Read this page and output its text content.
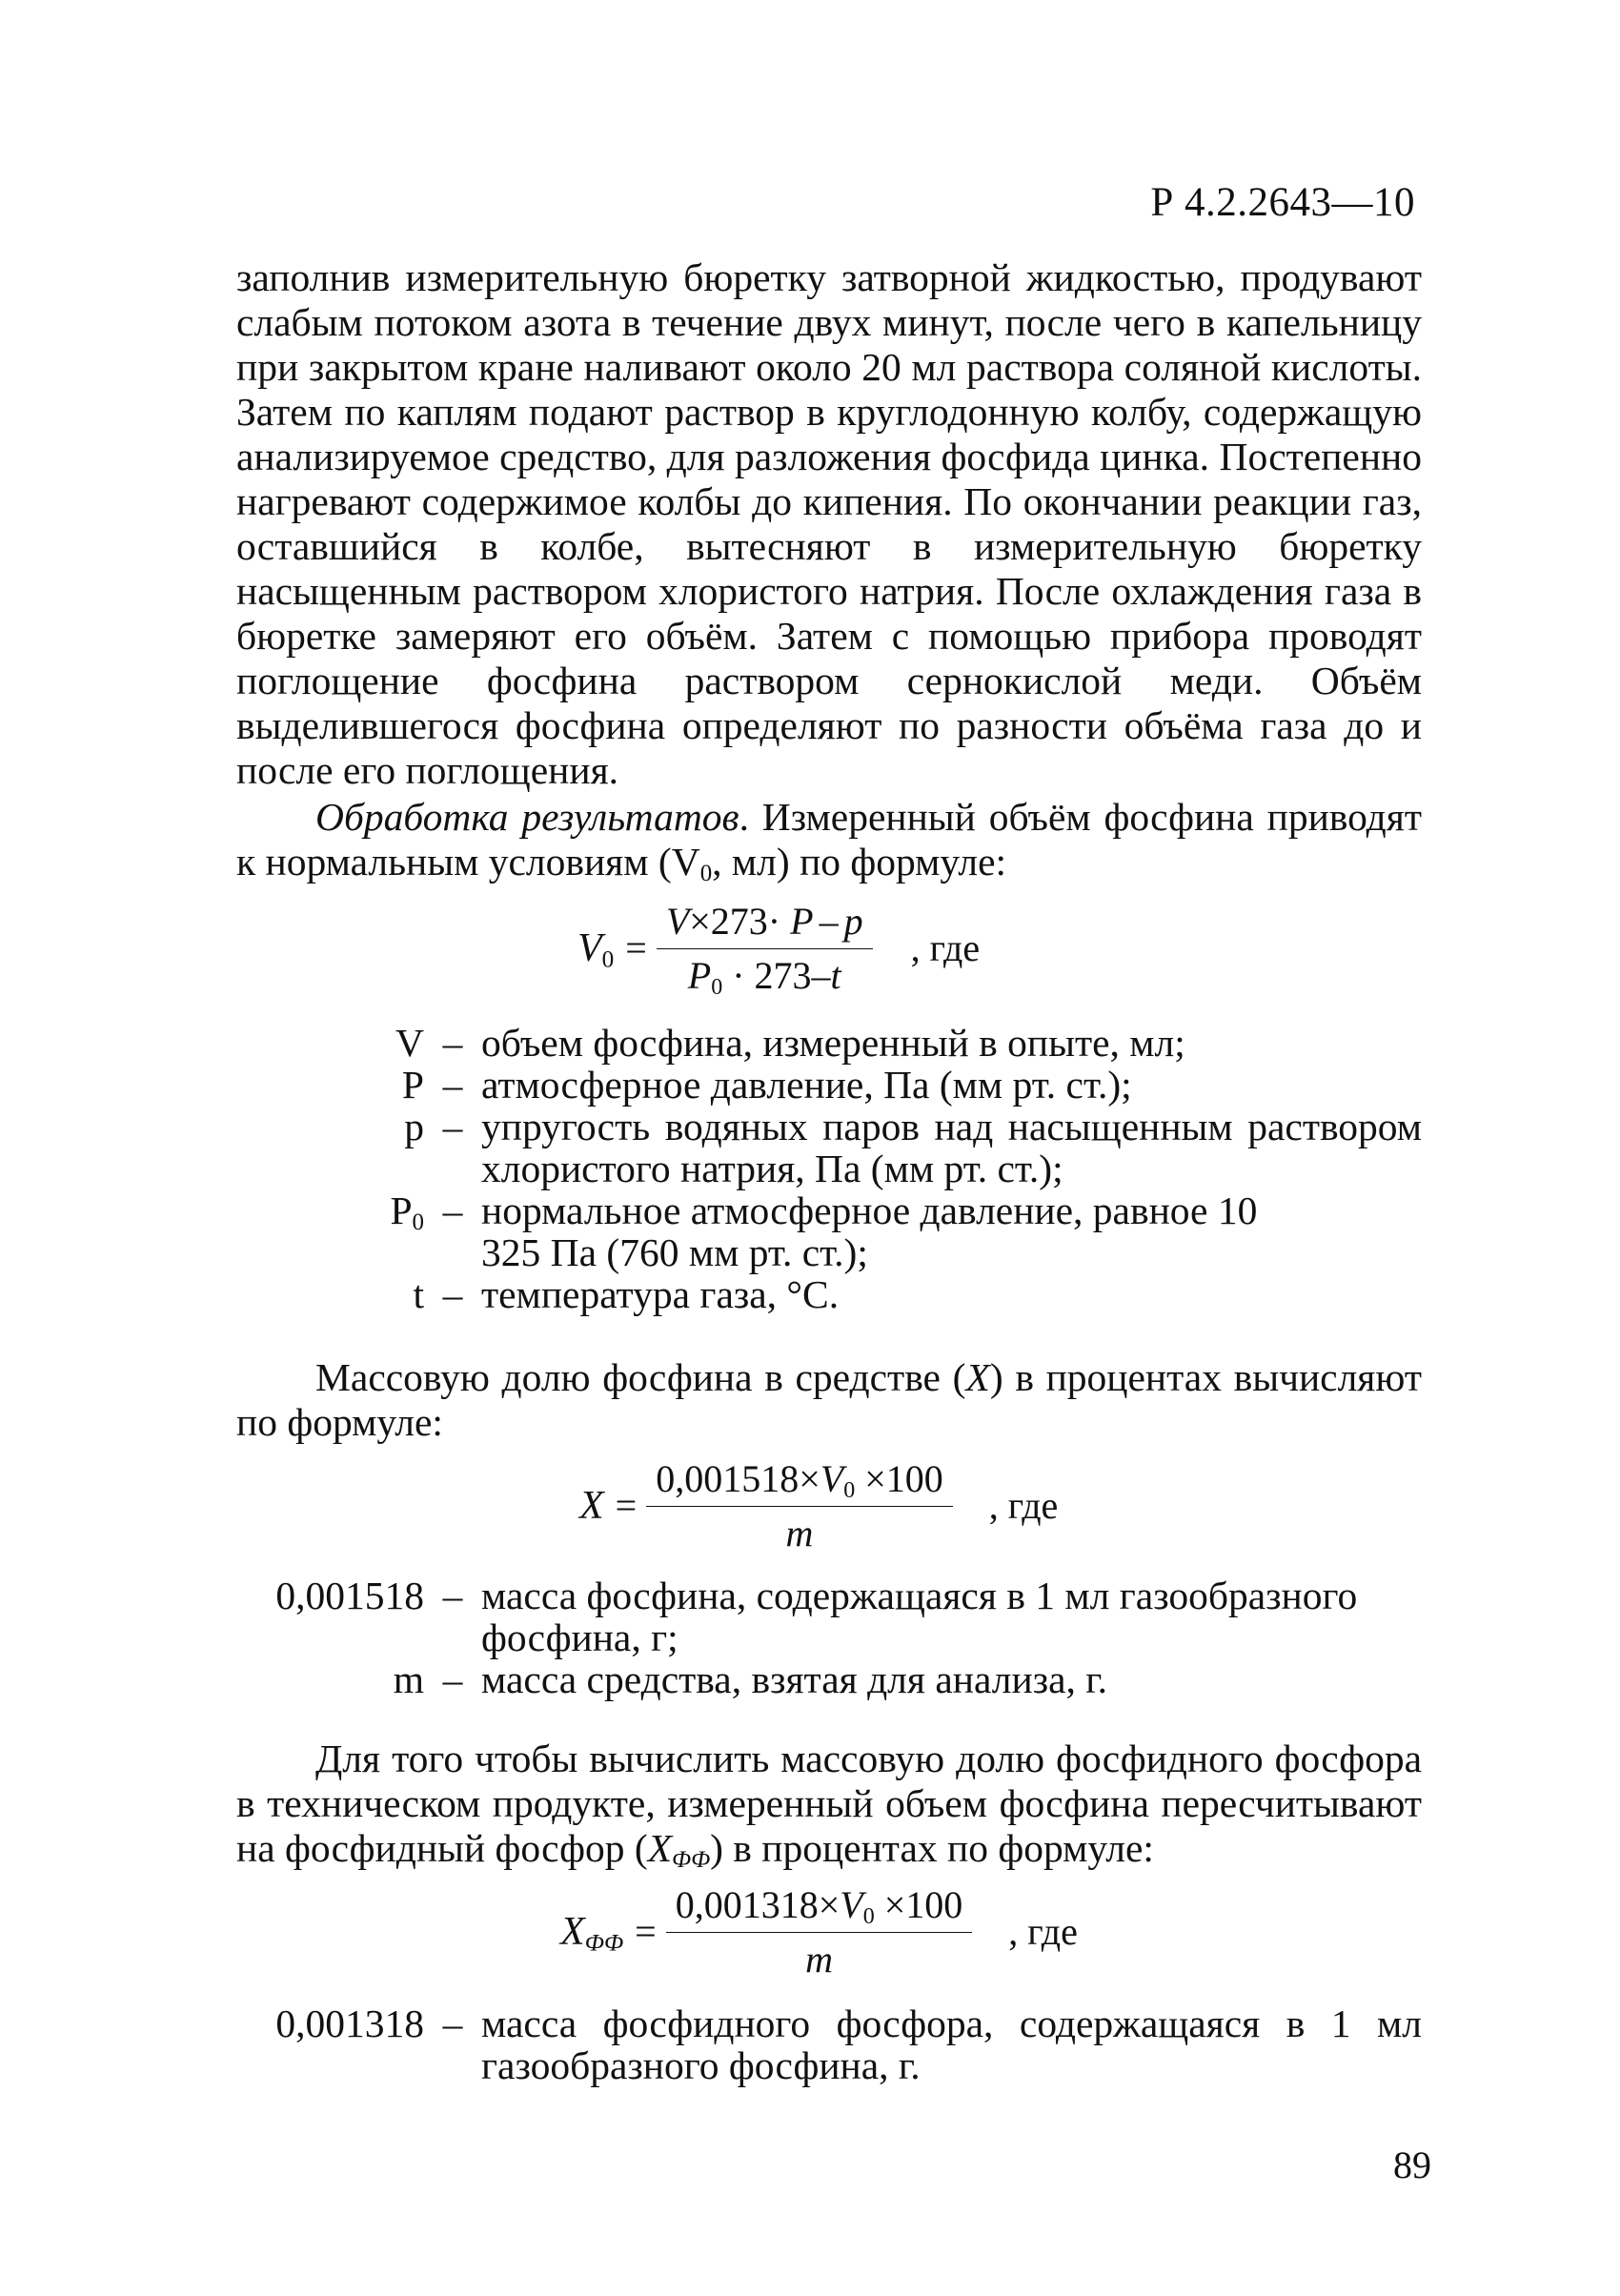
Р 4.2.2643—10

заполнив измерительную бюретку затворной жидкостью, продувают слабым потоком азота в течение двух минут, после чего в капельницу при закрытом кране наливают около 20 мл раствора соляной кислоты. Затем по каплям подают раствор в круглодонную колбу, содержащую анализируемое средство, для разложения фосфида цинка. Постепенно нагревают содержимое колбы до кипения. По окончании реакции газ, оставшийся в колбе, вытесняют в измерительную бюретку насыщенным раствором хлористого натрия. После охлаждения газа в бюретке замеряют его объём. Затем с помощью прибора проводят поглощение фосфина раствором сернокислой меди. Объём выделившегося фосфина определяют по разности объёма газа до и после его поглощения.

Обработка результатов. Измеренный объём фосфина приводят к нормальным условиям ($V_0$, мл) по формуле:

$V_0 = \frac{V\times 273\cdot P - p}{P_0 \cdot 273-t}$ , где
V – объем фосфина, измеренный в опыте, мл;
Р – атмосферное давление, Па (мм рт. ст.);
р – упругость водяных паров над насыщенным раствором хлористого натрия, Па (мм рт. ст.);
$Р_0$ – нормальное атмосферное давление, равное 10 325 Па (760 мм рт. ст.);
t – температура газа, °С.

Массовую долю фосфина в средстве (X) в процентах вычисляют по формуле:

$X = \frac{0,001518\times V_0 \times 100}{m}$ , где
0,001518 – масса фосфина, содержащаяся в 1 мл газообразного фосфина, г;
m – масса средства, взятая для анализа, г.

Для того чтобы вычислить массовую долю фосфидного фосфора в техническом продукте, измеренный объем фосфина пересчитывают на фосфидный фосфор $(X_{ФФ})$ в процентах по формуле:

$X_{ФФ} = \frac{0,001318\times V_0 \times 100}{m}$ , где
0,001318 – масса фосфидного фосфора, содержащаяся в 1 мл газообразного фосфина, г.
89
